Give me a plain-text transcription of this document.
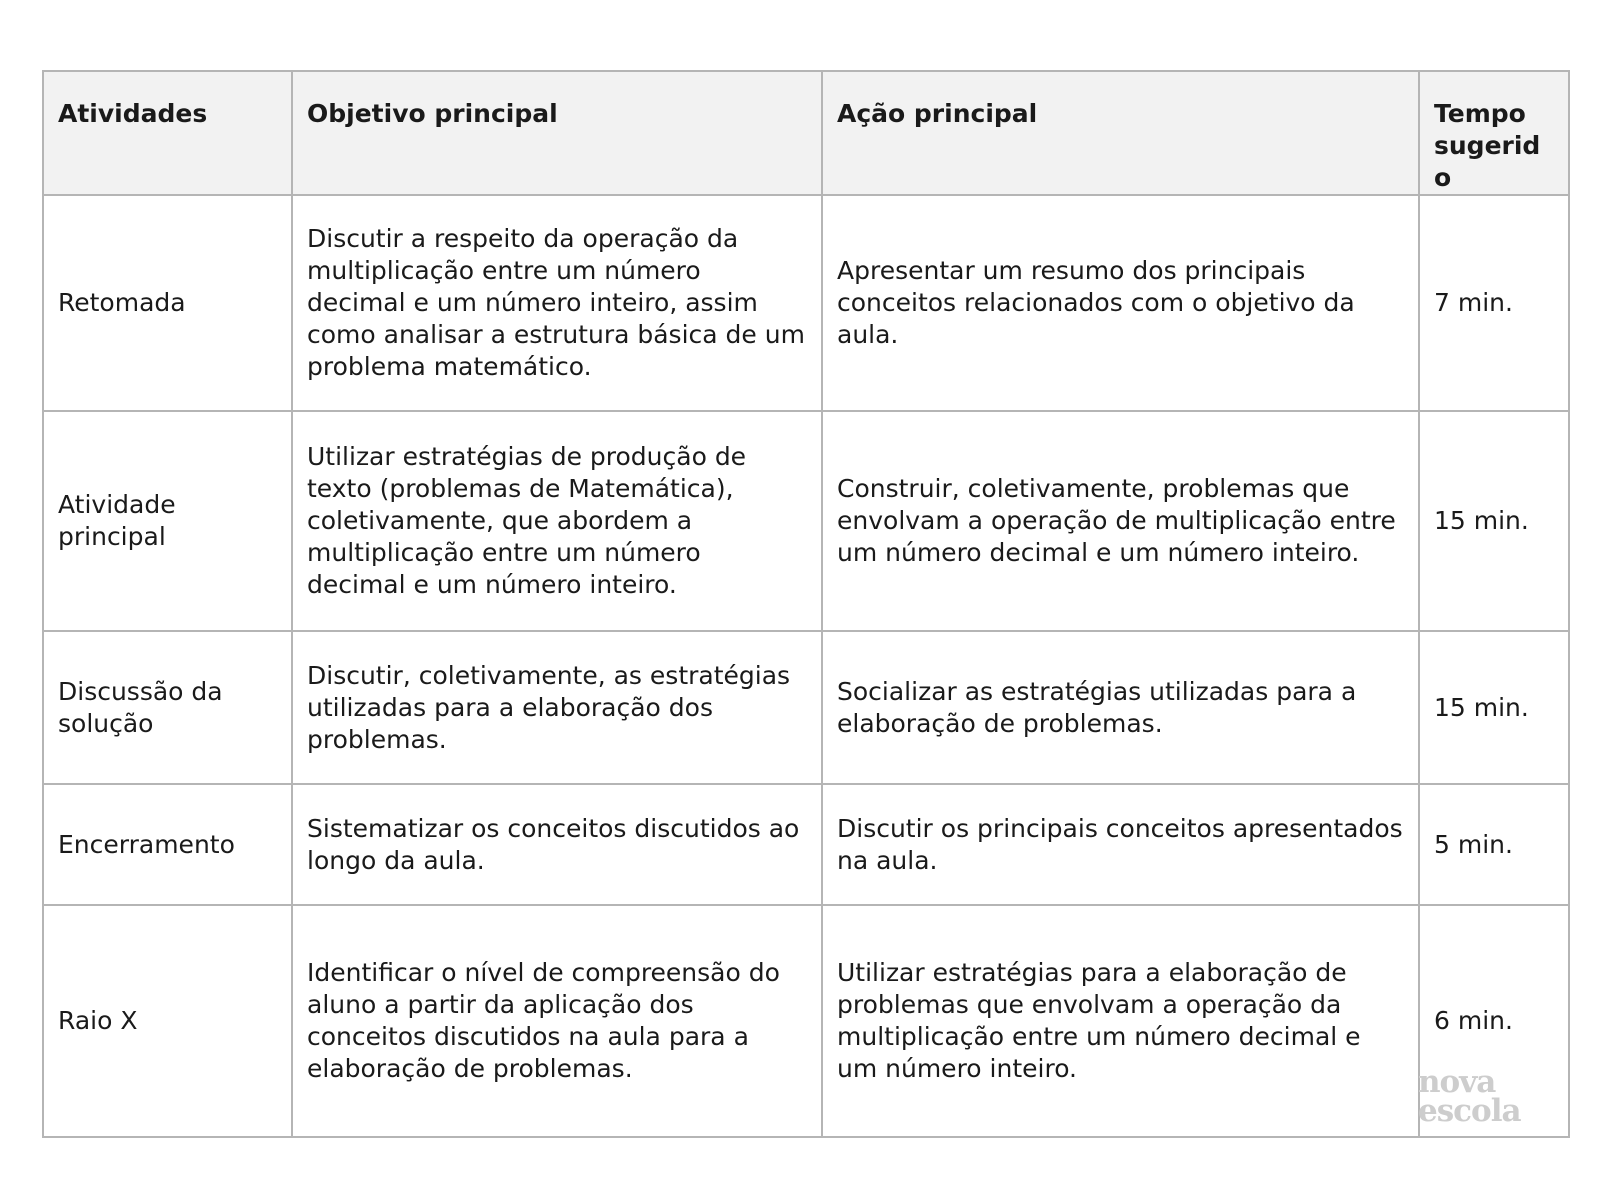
Atividades	Objetivo principal	Ação principal	Tempo sugerido
Retomada	Discutir a respeito da operação da multiplicação entre um número decimal e um número inteiro, assim como analisar a estrutura básica de um problema matemático.	Apresentar um resumo dos principais conceitos relacionados com o objetivo da aula.	7 min.
Atividade principal	Utilizar estratégias de produção de texto (problemas de Matemática), coletivamente, que abordem a multiplicação entre um número decimal e um número inteiro.	Construir, coletivamente, problemas que envolvam a operação de multiplicação entre um número decimal e um número inteiro.	15 min.
Discussão da solução	Discutir, coletivamente, as estratégias utilizadas para a elaboração dos problemas.	Socializar as estratégias utilizadas para a elaboração de problemas.	15 min.
Encerramento	Sistematizar os conceitos discutidos ao longo da aula.	Discutir os principais conceitos apresentados na aula.	5 min.
Raio X	Identificar o nível de compreensão do aluno a partir da aplicação dos conceitos discutidos na aula para a elaboração de problemas.	Utilizar estratégias para a elaboração de problemas que envolvam a operação da multiplicação entre um número decimal e um número inteiro.	6 min.
nova
escola
